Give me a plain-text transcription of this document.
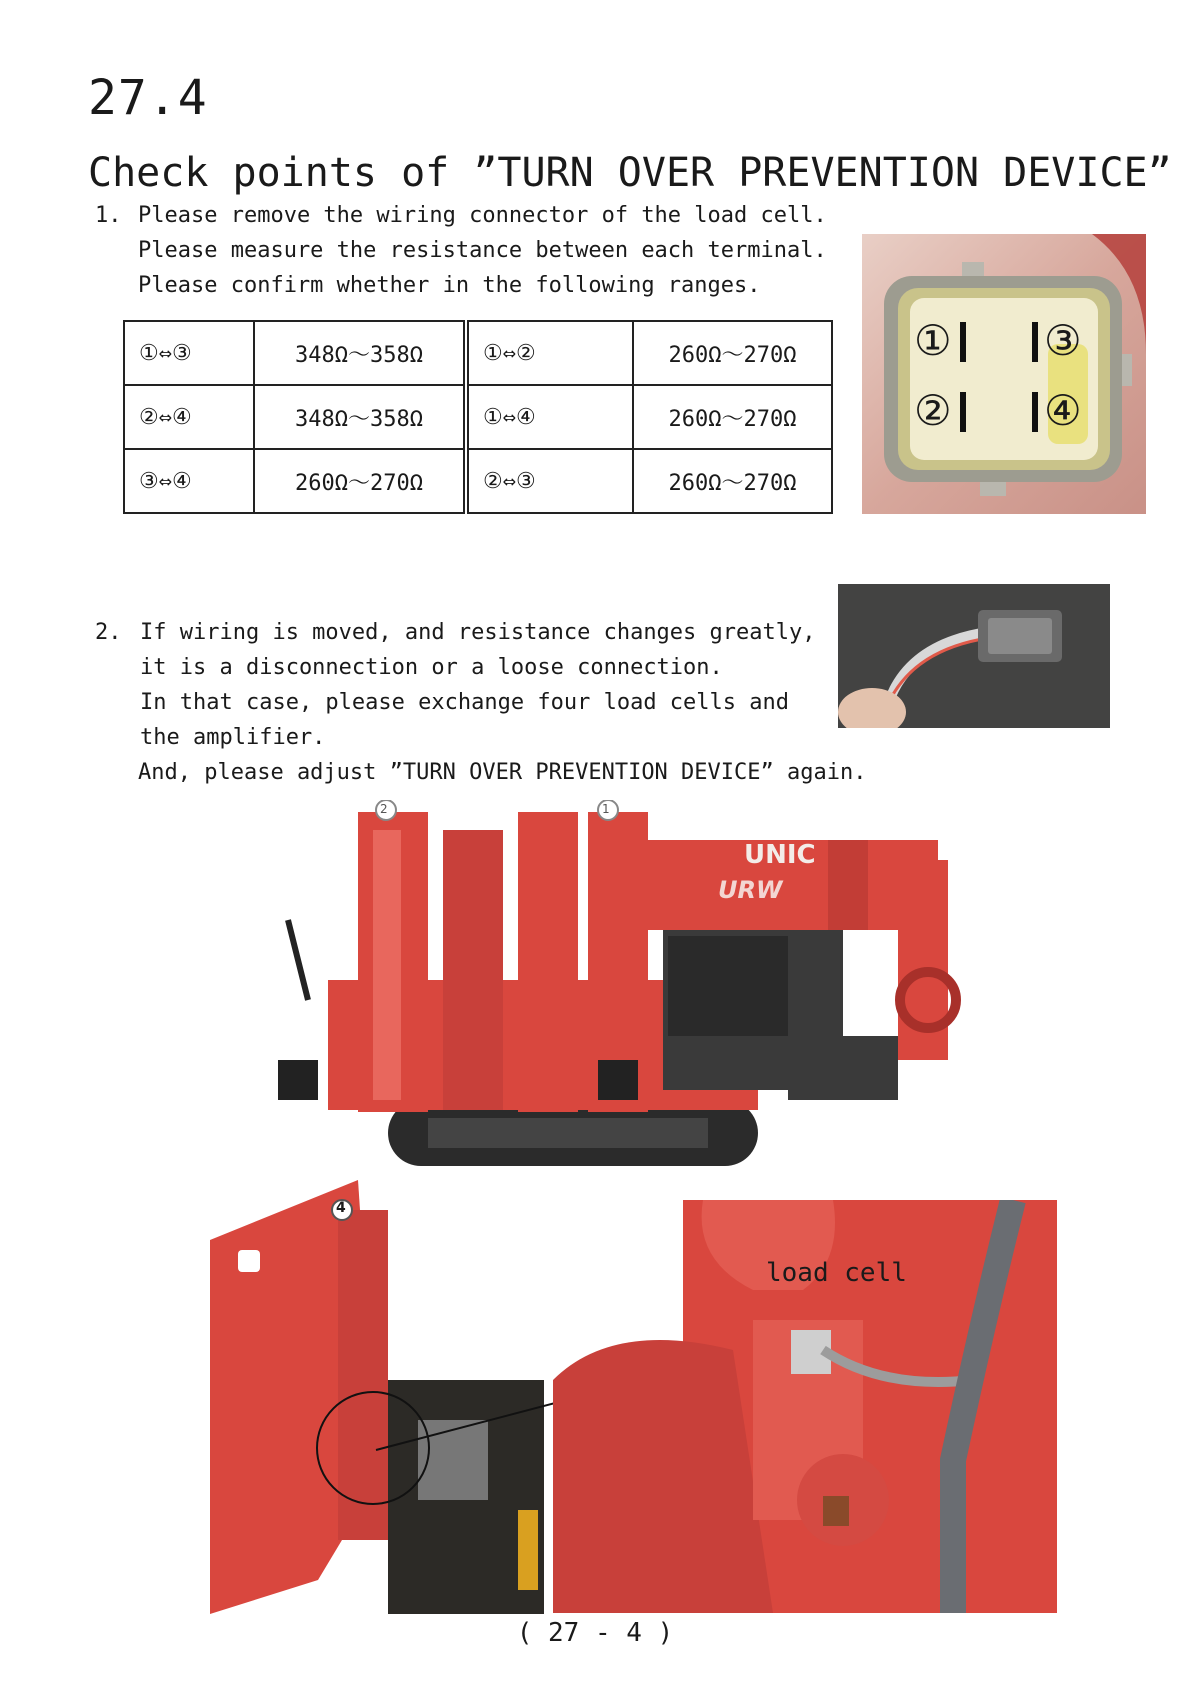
27.4
Check points of ”TURN OVER PREVENTION DEVICE”
1. Please remove the wiring connector of the load cell.
Please measure the resistance between each terminal.
Please confirm whether in the following ranges.
①⇔③	348Ω～358Ω	①⇔②	260Ω～270Ω
②⇔④	348Ω～358Ω	①⇔④	260Ω～270Ω
③⇔④	260Ω～270Ω	②⇔③	260Ω～270Ω
① ③
② ④
2. If wiring is moved, and resistance changes greatly,
it is a disconnection or a loose connection.
In that case, please exchange four load cells and
the amplifier.
And, please adjust ”TURN OVER PREVENTION DEVICE” again.
2	1
UNIC
URW
4
load cell
( 27 - 4 )
